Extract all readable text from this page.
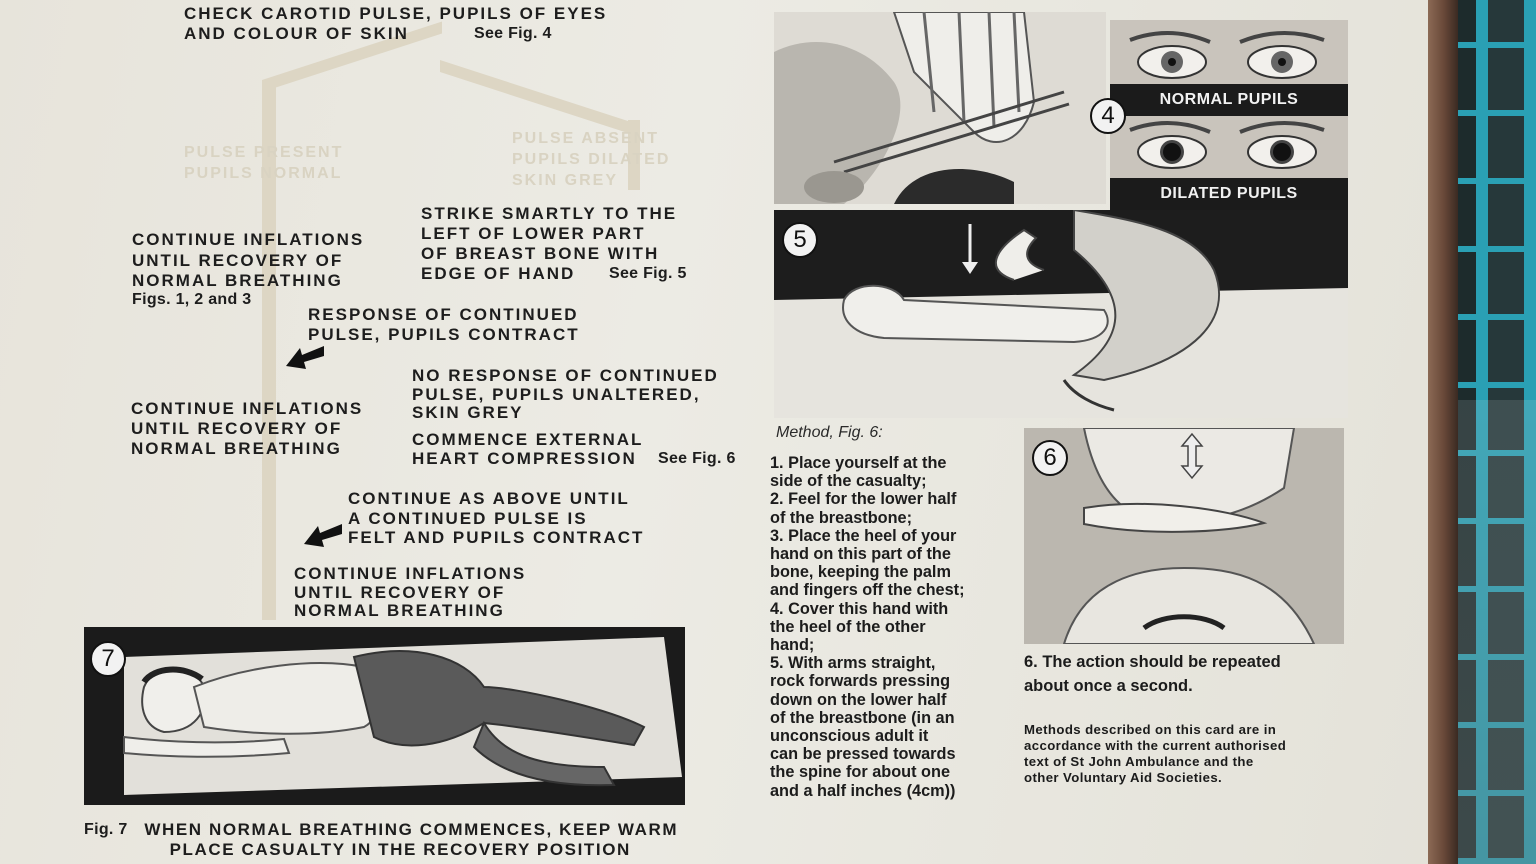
PULSE PRESENT
PUPILS NORMAL
PULSE ABSENT
PUPILS DILATED
SKIN GREY
CHECK CAROTID PULSE, PUPILS OF EYES
AND COLOUR OF SKIN	See Fig. 4
STRIKE SMARTLY TO THE
LEFT OF LOWER PART
OF BREAST BONE WITH
EDGE OF HAND	See Fig. 5
CONTINUE INFLATIONS
UNTIL RECOVERY OF
NORMAL BREATHING
Figs. 1, 2 and 3
RESPONSE OF CONTINUED
PULSE, PUPILS CONTRACT
NO RESPONSE OF CONTINUED
PULSE, PUPILS UNALTERED,
SKIN GREY
CONTINUE INFLATIONS
UNTIL RECOVERY OF
NORMAL BREATHING	COMMENCE EXTERNAL
HEART COMPRESSION	See Fig. 6
CONTINUE AS ABOVE UNTIL
A CONTINUED PULSE IS
FELT AND PUPILS CONTRACT
CONTINUE INFLATIONS
UNTIL RECOVERY OF
NORMAL BREATHING
NORMAL PUPILS
DILATED PUPILS
4
5
Method, Fig. 6:
1. Place yourself at the
side of the casualty;
2. Feel for the lower half
of the breastbone;
3. Place the heel of your
hand on this part of the
bone, keeping the palm
and fingers off the chest;
4. Cover this hand with
the heel of the other
hand;
5. With arms straight,
rock forwards pressing
down on the lower half
of the breastbone (in an
unconscious adult it
can be pressed towards
the spine for about one
and a half inches (4cm))
6
6. The action should be repeated
about once a second.
Methods described on this card are in
accordance with the current authorised
text of St John Ambulance and the
other Voluntary Aid Societies.
7
Fig. 7 WHEN NORMAL BREATHING COMMENCES, KEEP WARM
PLACE CASUALTY IN THE RECOVERY POSITION
